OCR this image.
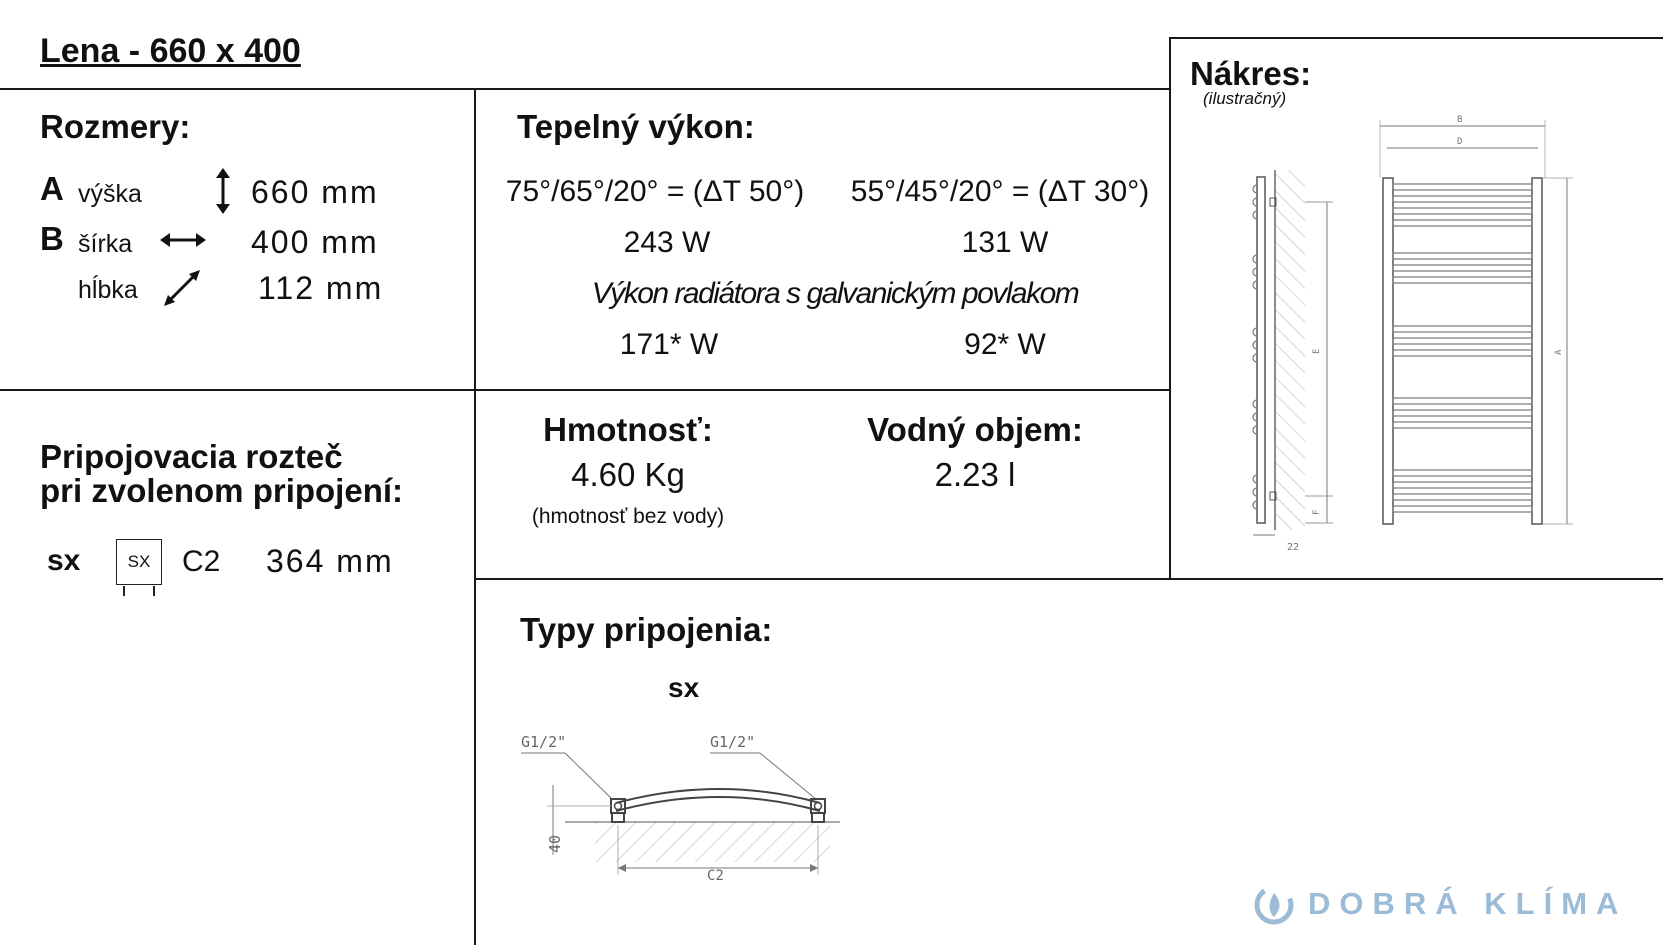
Lena - 660 x 400
Rozmery:
A výška	660 mm
B šírka	400 mm
hĺbka	112 mm
Tepelný výkon:
75°/65°/20° = (ΔT 50°) 55°/45°/20° = (ΔT 30°)
243 W	131 W
Výkon radiátora s galvanickým povlakom
171* W	92* W
Pripojovacia rozteč
pri zvolenom pripojení:
sx	SX	C2 364 mm
Hmotnosť:
4.60 Kg
(hmotnosť bez vody)
Vodný objem:
2.23 l
Nákres:
(ilustračný)
E
F
22
B
D
A
Typy pripojenia:
sx
G1/2"	G1/2"
40
C2
DOBRÁ KLÍMA
